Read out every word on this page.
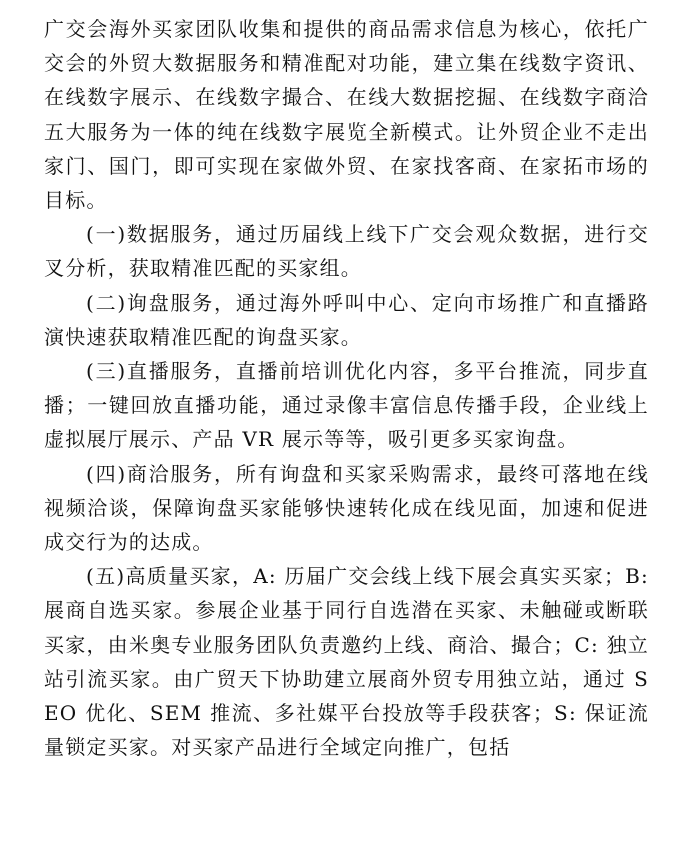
广交会海外买家团队收集和提供的商品需求信息为核心，依托广交会的外贸大数据服务和精准配对功能，建立集在线数字资讯、在线数字展示、在线数字撮合、在线大数据挖掘、在线数字商洽五大服务为一体的纯在线数字展览全新模式。让外贸企业不走出家门、国门，即可实现在家做外贸、在家找客商、在家拓市场的目标。

(一)数据服务，通过历届线上线下广交会观众数据，进行交叉分析，获取精准匹配的买家组。

(二)询盘服务，通过海外呼叫中心、定向市场推广和直播路演快速获取精准匹配的询盘买家。

(三)直播服务，直播前培训优化内容，多平台推流，同步直播；一键回放直播功能，通过录像丰富信息传播手段，企业线上虚拟展厅展示、产品 VR 展示等等，吸引更多买家询盘。

(四)商洽服务，所有询盘和买家采购需求，最终可落地在线视频洽谈，保障询盘买家能够快速转化成在线见面，加速和促进成交行为的达成。

(五)高质量买家，A: 历届广交会线上线下展会真实买家；B: 展商自选买家。参展企业基于同行自选潜在买家、未触碰或断联买家，由米奥专业服务团队负责邀约上线、商洽、撮合；C: 独立站引流买家。由广贸天下协助建立展商外贸专用独立站，通过 SEO 优化、SEM 推流、多社媒平台投放等手段获客；S: 保证流量锁定买家。对买家产品进行全域定向推广，包括
